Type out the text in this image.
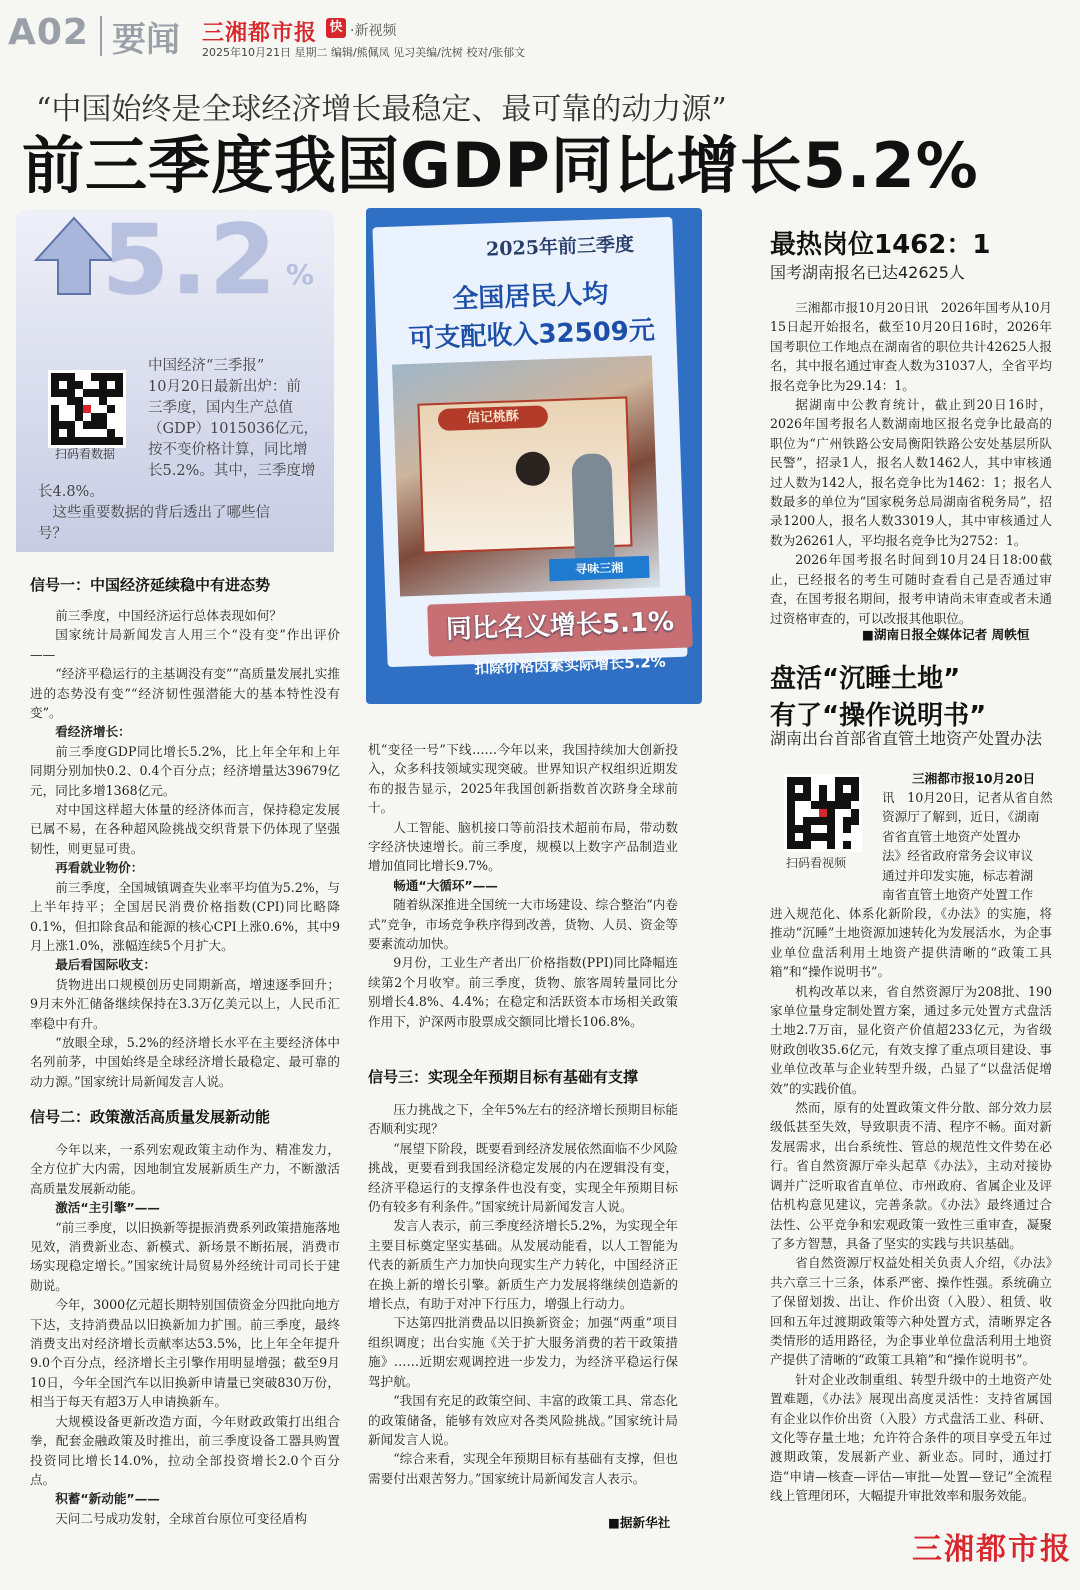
A02 要闻 三湘都市报 快 ·新视频
2025年10月21日 星期二 编辑/熊佩凤 见习美编/沈树 校对/张郁文
“中国始终是全球经济增长最稳定、最可靠的动力源”
前三季度我国GDP同比增长5.2%
5.2 %
扫码看数据
中国经济“三季报”
10月20日最新出炉：前
三季度，国内生产总值
（GDP）1015036亿元，
按不变价格计算，同比增
长5.2%。其中，三季度增
长4.8%。
　这些重要数据的背后透出了哪些信
号？
信号一：中国经济延续稳中有进态势

前三季度，中国经济运行总体表现如何？

国家统计局新闻发言人用三个“没有变”作出评价——

“经济平稳运行的主基调没有变”“高质量发展扎实推进的态势没有变”“经济韧性强潜能大的基本特性没有变”。

看经济增长：

前三季度GDP同比增长5.2%，比上年全年和上年同期分别加快0.2、0.4个百分点；经济增量达39679亿元，同比多增1368亿元。

对中国这样超大体量的经济体而言，保持稳定发展已属不易，在各种超风险挑战交织背景下仍体现了坚强韧性，则更显可贵。

再看就业物价：

前三季度，全国城镇调查失业率平均值为5.2%，与上半年持平；全国居民消费价格指数(CPI)同比略降0.1%，但扣除食品和能源的核心CPI上涨0.6%，其中9月上涨1.0%，涨幅连续5个月扩大。

最后看国际收支：

货物进出口规模创历史同期新高，增速逐季回升；9月末外汇储备继续保持在3.3万亿美元以上，人民币汇率稳中有升。

“放眼全球，5.2%的经济增长水平在主要经济体中名列前茅，中国始终是全球经济增长最稳定、最可靠的动力源。”国家统计局新闻发言人说。

信号二：政策激活高质量发展新动能

今年以来，一系列宏观政策主动作为、精准发力，全方位扩大内需，因地制宜发展新质生产力，不断激活高质量发展新动能。

激活“主引擎”——

“前三季度，以旧换新等提振消费系列政策措施落地见效，消费新业态、新模式、新场景不断拓展，消费市场实现稳定增长。”国家统计局贸易外经统计司司长于建勋说。

今年，3000亿元超长期特别国债资金分四批向地方下达，支持消费品以旧换新加力扩围。前三季度，最终消费支出对经济增长贡献率达53.5%，比上年全年提升9.0个百分点，经济增长主引擎作用明显增强；截至9月10日，今年全国汽车以旧换新申请量已突破830万份，相当于每天有超3万人申请换新车。

大规模设备更新改造方面，今年财政政策打出组合拳，配套金融政策及时推出，前三季度设备工器具购置投资同比增长14.0%，拉动全部投资增长2.0个百分点。

积蓄“新动能”——

天问二号成功发射，全球首台原位可变径盾构

2025年前三季度
全国居民人均
可支配收入32509元
信记桃酥
寻味三湘
同比名义增长5.1%
扣除价格因素实际增长5.2%

机“变径一号”下线……今年以来，我国持续加大创新投入，众多科技领域实现突破。世界知识产权组织近期发布的报告显示，2025年我国创新指数首次跻身全球前十。

人工智能、脑机接口等前沿技术超前布局，带动数字经济快速增长。前三季度，规模以上数字产品制造业增加值同比增长9.7%。

畅通“大循环”——

随着纵深推进全国统一大市场建设、综合整治“内卷式”竞争，市场竞争秩序得到改善，货物、人员、资金等要素流动加快。

9月份，工业生产者出厂价格指数(PPI)同比降幅连续第2个月收窄。前三季度，货物、旅客周转量同比分别增长4.8%、4.4%；在稳定和活跃资本市场相关政策作用下，沪深两市股票成交额同比增长106.8%。

信号三：实现全年预期目标有基础有支撑

压力挑战之下，全年5%左右的经济增长预期目标能否顺利实现？

“展望下阶段，既要看到经济发展依然面临不少风险挑战，更要看到我国经济稳定发展的内在逻辑没有变，经济平稳运行的支撑条件也没有变，实现全年预期目标仍有较多有利条件。”国家统计局新闻发言人说。

发言人表示，前三季度经济增长5.2%，为实现全年主要目标奠定坚实基础。从发展动能看，以人工智能为代表的新质生产力加快向现实生产力转化，中国经济正在换上新的增长引擎。新质生产力发展将继续创造新的增长点，有助于对冲下行压力，增强上行动力。

下达第四批消费品以旧换新资金；加强“两重”项目组织调度；出台实施《关于扩大服务消费的若干政策措施》……近期宏观调控进一步发力，为经济平稳运行保驾护航。

“我国有充足的政策空间、丰富的政策工具、常态化的政策储备，能够有效应对各类风险挑战。”国家统计局新闻发言人说。

“综合来看，实现全年预期目标有基础有支撑，但也需要付出艰苦努力。”国家统计局新闻发言人表示。

■据新华社
最热岗位1462：1
国考湖南报名已达42625人

三湘都市报10月20日讯　2026年国考从10月15日起开始报名，截至10月20日16时，2026年国考职位工作地点在湖南省的职位共计42625人报名，其中报名通过审查人数为31037人，全省平均报名竞争比为29.14：1。

据湖南中公教育统计，截止到20日16时，2026年国考报名人数湖南地区报名竞争比最高的职位为“广州铁路公安局衡阳铁路公安处基层所队民警”，招录1人，报名人数1462人，其中审核通过人数为142人，报名竞争比为1462：1；报名人数最多的单位为“国家税务总局湖南省税务局”，招录1200人，报名人数33019人，其中审核通过人数为26261人，平均报名竞争比为2752：1。

2026年国考报名时间到10月24日18:00截止，已经报名的考生可随时查看自己是否通过审查，在国考报名期间，报考申请尚未审查或者未通过资格审查的，可以改报其他职位。

■湖南日报全媒体记者 周帙恒
盘活“沉睡土地”
有了“操作说明书”
湖南出台首部省直管土地资产处置办法
扫码看视频
三湘都市报10月20日
讯　10月20日，记者从省自然
资源厅了解到，近日，《湖南
省省直管土地资产处置办
法》经省政府常务会议审议
通过并印发实施，标志着湖
南省直管土地资产处置工作

进入规范化、体系化新阶段，《办法》的实施，将推动“沉睡”土地资源加速转化为发展活水，为企事业单位盘活利用土地资产提供清晰的“政策工具箱”和“操作说明书”。

机构改革以来，省自然资源厅为208批、190家单位量身定制处置方案，通过多元处置方式盘活土地2.7万亩，显化资产价值超233亿元，为省级财政创收35.6亿元，有效支撑了重点项目建设、事业单位改革与企业转型升级，凸显了“以盘活促增效”的实践价值。

然而，原有的处置政策文件分散、部分效力层级低甚至失效，导致职责不清、程序不畅。面对新发展需求，出台系统性、管总的规范性文件势在必行。省自然资源厅牵头起草《办法》，主动对接协调并广泛听取省直单位、市州政府、省属企业及评估机构意见建议，完善条款。《办法》最终通过合法性、公平竞争和宏观政策一致性三重审查，凝聚了多方智慧，具备了坚实的实践与共识基础。

省自然资源厅权益处相关负责人介绍，《办法》共六章三十三条，体系严密、操作性强。系统确立了保留划拨、出让、作价出资（入股）、租赁、收回和五年过渡期政策等六种处置方式，清晰界定各类情形的适用路径，为企事业单位盘活利用土地资产提供了清晰的“政策工具箱”和“操作说明书”。

针对企业改制重组、转型升级中的土地资产处置难题，《办法》展现出高度灵活性：支持省属国有企业以作价出资（入股）方式盘活工业、科研、文化等存量土地；允许符合条件的项目享受五年过渡期政策，发展新产业、新业态。同时，通过打造“申请—核查—评估—审批—处置—登记”全流程线上管理闭环，大幅提升审批效率和服务效能。

三湘都市报
